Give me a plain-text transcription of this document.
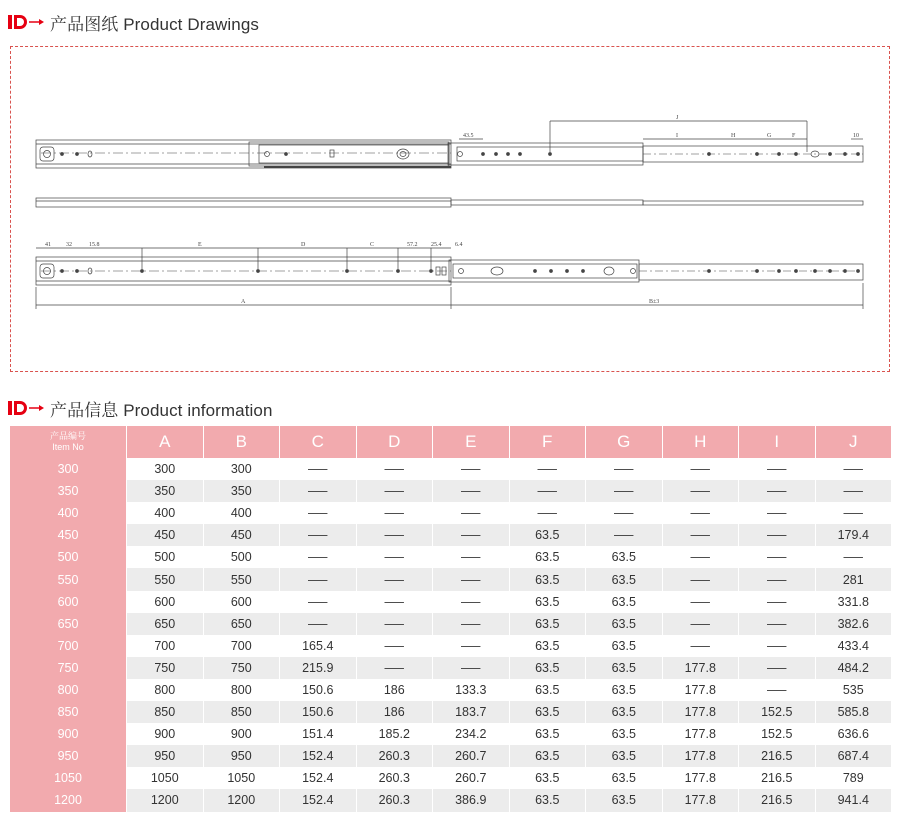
产品图纸 Product Drawings
J
I	H	G	F
43.5	10
41	32	15.8	E	D	C	57.2 25.4 6.4
A	B±3
产品信息 Product information
产品编号
Item No	A	B	C	D	E	F	G	H	I	J
300	300	300	—–	—–	—–	—–	—–	—–	—–	—–
350	350	350	—–	—–	—–	—–	—–	—–	—–	—–
400	400	400	—–	—–	—–	—–	—–	—–	—–	—–
450	450	450	—–	—–	—–	63.5	—–	—–	—–	179.4
500	500	500	—–	—–	—–	63.5	63.5	—–	—–	—–
550	550	550	—–	—–	—–	63.5	63.5	—–	—–	281
600	600	600	—–	—–	—–	63.5	63.5	—–	—–	331.8
650	650	650	—–	—–	—–	63.5	63.5	—–	—–	382.6
700	700	700	165.4	—–	—–	63.5	63.5	—–	—–	433.4
750	750	750	215.9	—–	—–	63.5	63.5	177.8	—–	484.2
800	800	800	150.6	186	133.3	63.5	63.5	177.8	—–	535
850	850	850	150.6	186	183.7	63.5	63.5	177.8	152.5	585.8
900	900	900	151.4	185.2	234.2	63.5	63.5	177.8	152.5	636.6
950	950	950	152.4	260.3	260.7	63.5	63.5	177.8	216.5	687.4
1050	1050	1050	152.4	260.3	260.7	63.5	63.5	177.8	216.5	789
1200	1200	1200	152.4	260.3	386.9	63.5	63.5	177.8	216.5	941.4
